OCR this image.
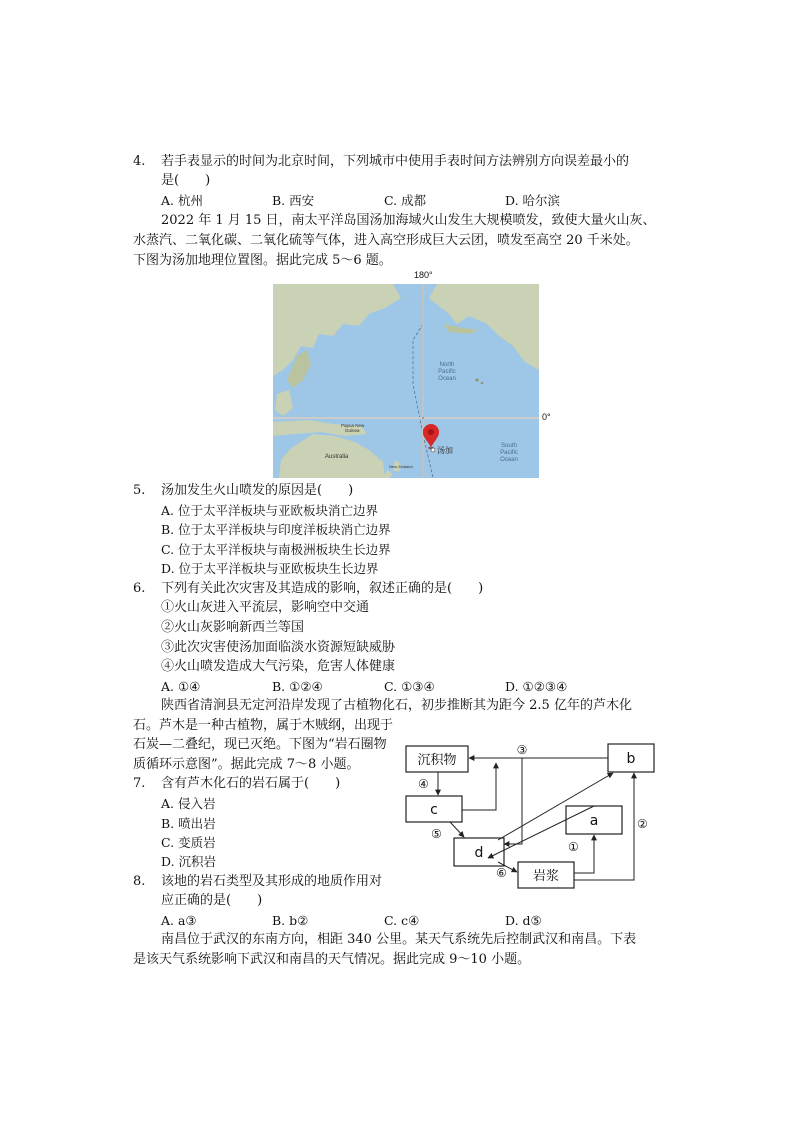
4. 若手表显示的时间为北京时间，下列城市中使用手表时间方法辨别方向误差最小的
是(　　)
A. 杭州	B. 西安	C. 成都	D. 哈尔滨
2022 年 1 月 15 日，南太平洋岛国汤加海域火山发生大规模喷发，致使大量火山灰、
水蒸汽、二氧化碳、二氧化硫等气体，进入高空形成巨大云团，喷发至高空 20 千米处。
下图为汤加地理位置图。据此完成 5～6 题。
180°
0°
North
Pacific
Ocean
South
Pacific
Ocean
Australia
Papua New
Guinea
New Zealand
汤加
5. 汤加发生火山喷发的原因是(　　)
A. 位于太平洋板块与亚欧板块消亡边界
B. 位于太平洋板块与印度洋板块消亡边界
C. 位于太平洋板块与南极洲板块生长边界
D. 位于太平洋板块与亚欧板块生长边界
6. 下列有关此次灾害及其造成的影响，叙述正确的是(　　)
①火山灰进入平流层，影响空中交通
②火山灰影响新西兰等国
③此次灾害使汤加面临淡水资源短缺威胁
④火山喷发造成大气污染，危害人体健康
A. ①④	B. ①②④	C. ①③④	D. ①②③④
陕西省清涧县无定河沿岸发现了古植物化石，初步推断其为距今 2.5 亿年的芦木化
石。芦木是一种古植物，属于木贼纲，出现于
石炭—二叠纪，现已灭绝。下图为“岩石圈物
质循环示意图”。据此完成 7～8 小题。	沉积物	b
c
a
d
岩浆
③
④
⑤
⑥
①
②
7. 含有芦木化石的岩石属于(　　)
A. 侵入岩
B. 喷出岩
C. 变质岩
D. 沉积岩
8. 该地的岩石类型及其形成的地质作用对
应正确的是(　　)
A. a③	B. b②	C. c④	D. d⑤
南昌位于武汉的东南方向，相距 340 公里。某天气系统先后控制武汉和南昌。下表
是该天气系统影响下武汉和南昌的天气情况。据此完成 9～10 小题。
